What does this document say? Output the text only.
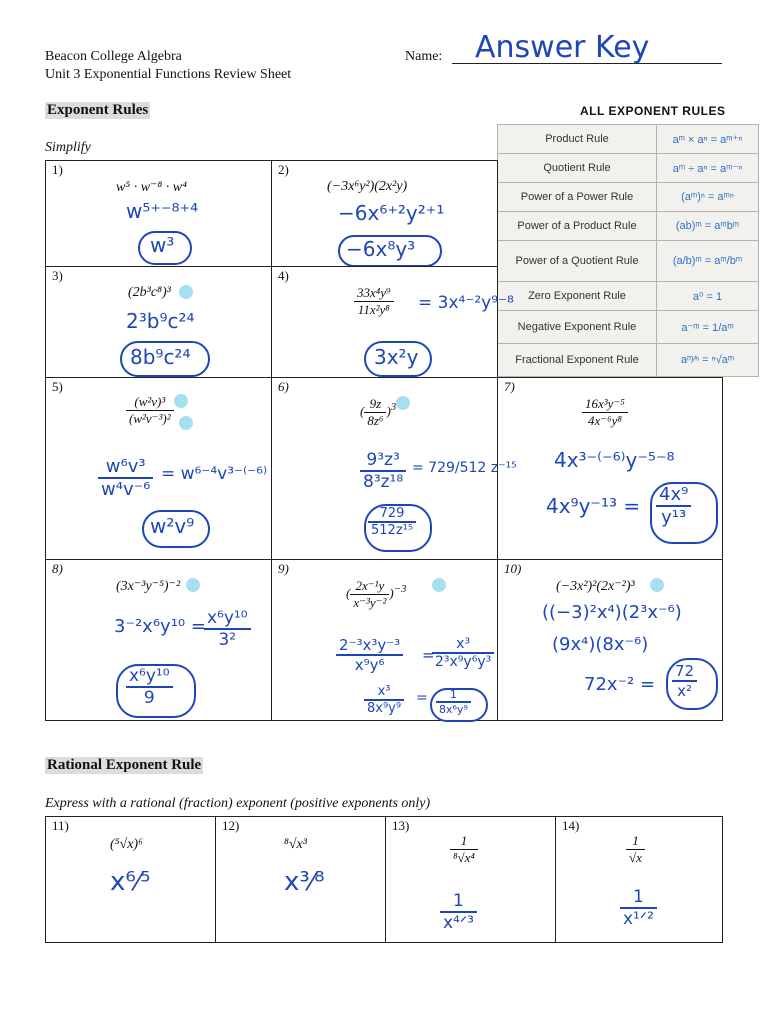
Beacon College Algebra
Unit 3 Exponential Functions Review Sheet
Name: Answer Key
Exponent Rules
Simplify
ALL EXPONENT RULES
Product Rule	aᵐ × aⁿ = aᵐ⁺ⁿ
Quotient Rule	aᵐ ÷ aⁿ = aᵐ⁻ⁿ
Power of a Power Rule	(aᵐ)ⁿ = aᵐⁿ
Power of a Product Rule	(ab)ᵐ = aᵐbᵐ
Power of a Quotient Rule	(a/b)ᵐ = aᵐ/bᵐ
Zero Exponent Rule	a⁰ = 1
Negative Exponent Rule	a⁻ᵐ = 1/aᵐ
Fractional Exponent Rule	aᵐ⁄ⁿ = ⁿ√aᵐ
1)
w⁵ · w⁻⁸ · w⁴
w⁵⁺⁻⁸⁺⁴
w³
2)
(−3x⁶y²)(2x²y)
−6x⁶⁺²y²⁺¹
−6x⁸y³
3)
(2b³c⁸)³
2³b⁹c²⁴
8b⁹c²⁴
4)
$\frac{\text{33x⁴y⁹}}{\text{11x²y⁸}} = 3x^{4-2}y^{9-8}$
3x²y
5)
$\frac{\text{(w²v)³}}{\text{(w²v⁻³)²}}$
$\frac{\text{w⁶v³}}{\text{w⁴v⁻⁶}} = w^{6-4}v^{3-(-6)}$
w²v⁹
6)
( $\frac{9z}{\text{8z⁶}} )^3$
$\frac{\text{9³z³}}{\text{8³z¹⁸}} = 729/512$ z⁻¹⁵
$\frac{729}{\text{512z¹⁵}}$
7)
$\frac{\text{16x³y⁻⁵}}{\text{4x⁻⁶y⁸}}$
4x³⁻⁽⁻⁶⁾y⁻⁵⁻⁸
$4x^9y^{-13} = \frac{\text{4x⁹}}{\text{y¹³}}$
8)
(3x⁻³y⁻⁵)⁻²
3⁻²x⁶y¹⁰ =
$\frac{\text{x⁶y¹⁰}}{\text{3²}}$
$\frac{\text{x⁶y¹⁰}}{9}$
9)
( $\frac{\text{2x⁻¹y}}{\text{x⁻³y⁻²}} )^{-3}$
$\frac{\text{2⁻³x³y⁻³}}{\text{x⁹y⁶}}$ =
$\frac{\text{x³}}{\text{2³x⁹y⁶y³}}$
$\frac{\text{x³}}{\text{8x⁹y⁹}} = \frac{1}{\text{8x⁶y⁹}}$
10)
(−3x²)²(2x⁻²)³
((−3)²x⁴)(2³x⁻⁶)
(9x⁴)(8x⁻⁶)
$72x^{-2} = \frac{72}{\text{x²}}$
Rational Exponent Rule
Express with a rational (fraction) exponent (positive exponents only)
11)
(⁵√x)⁶
x⁶⁄⁵
12)
⁸√x³
x³⁄⁸
13)
$\frac{1}{\text{⁸√x⁴}}$
$\frac{1}{\text{x⁴ᐟ³}}$
14)
$\frac{1}{√x}$
$\frac{1}{\text{x¹ᐟ²}}$
